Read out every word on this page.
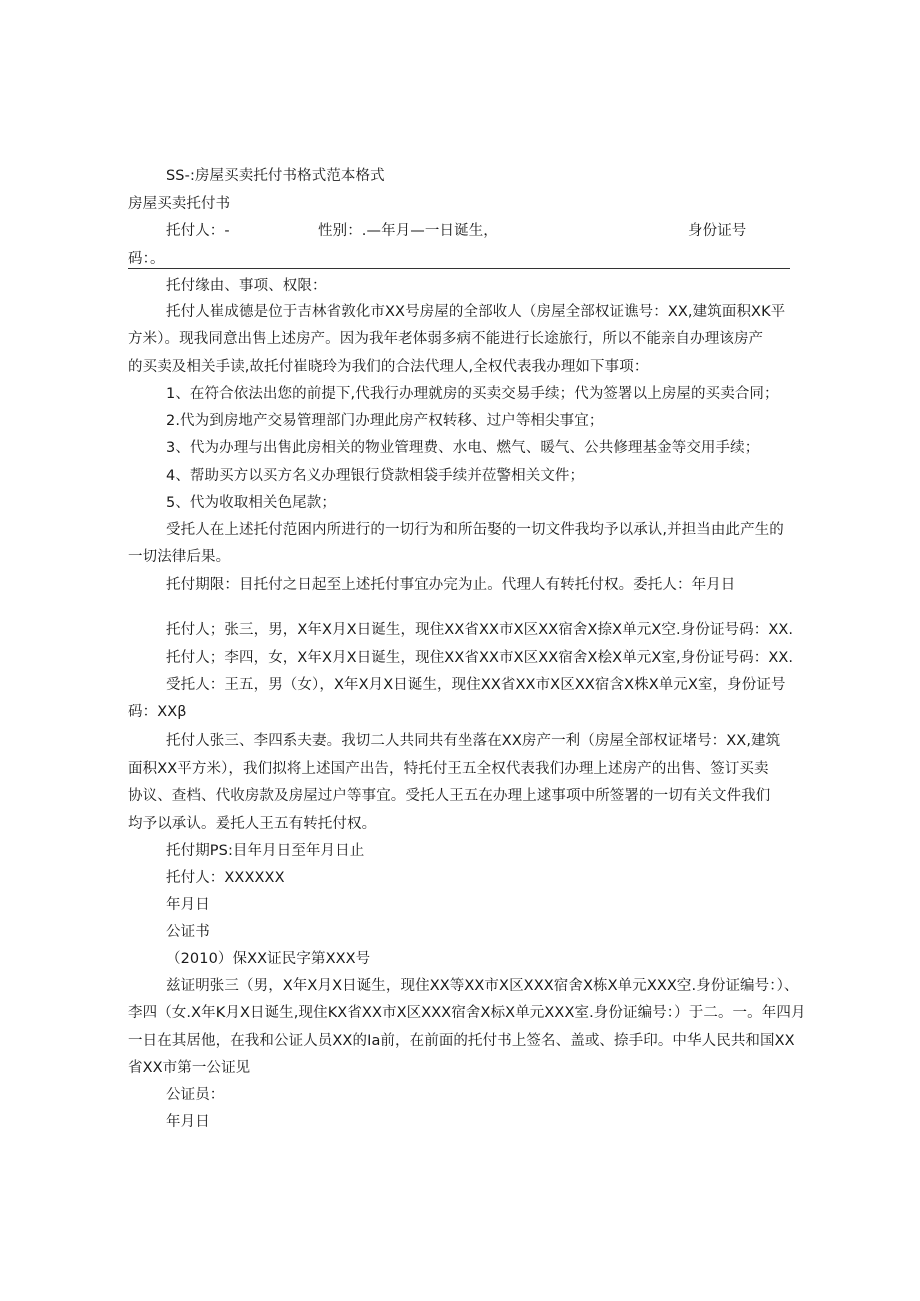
SS-:房屋买卖托付书格式范本格式
房屋买卖托付书
托付人：-	性别：.—年月—一日诞生，	身份证号
码：。
托付缘由、事项、权限：
托付人崔成德是位于吉林省敦化市XX号房屋的全部收人（房屋全部权证谯号：XX,建筑面积XK平
方米）。现我同意出售上述房产。因为我年老体弱多病不能进行长途旅行，所以不能亲自办理该房产
的买卖及相关手读,故托付崔晓玲为我们的合法代理人,全权代表我办理如下事项：
1、在符合依法出您的前提下,代我行办理就房的买卖交易手续；代为签署以上房屋的买卖合同；
2.代为到房地产交易管理部门办理此房产权转移、过户等相尖事宜；
3、代为办理与出售此房相关的物业管理费、水电、燃气、暖气、公共修理基金等交用手续；
4、帮助买方以买方名义办理银行贷款相袋手续并莅警相关文件；
5、代为收取相关色尾款；
受托人在上述托付范困内所进行的一切行为和所缶娶的一切文件我均予以承认,并担当由此产生的
一切法律后果。
托付期限：目托付之日起至上述托付事宜办完为止。代理人有转托付权。委托人：年月日
托付人；张三，男，X年X月X日诞生，现住XX省XX市X区XX宿舍X捺X单元X空.身份证号码：XX.
托付人；李四，女，X年X月X日诞生，现住XX省XX市X区XX宿舍X桧X单元X室,身份证号码：XX.
受托人：王五，男（女），X年X月X日诞生，现住XX省XX市X区XX宿含X株X单元X室，身份证号
码：XXβ
托付人张三、李四系夫妻。我切二人共同共有坐落在XX房产一利（房屋全部权证堵号：XX,建筑
面积XX平方米），我们拟将上述国产出告，特托付王五全权代表我们办理上述房产的出售、签订买卖
协议、查档、代收房款及房屋过户等事宜。受托人王五在办理上逑事项中所签署的一切有关文件我们
均予以承认。爰托人王五有转托付权。
托付期PS:目年月日至年月日止
托付人：XXXXXX
年月日
公证书
（2010）保XX证民字第XXX号
兹证明张三（男，X年X月X日诞生，现住XX等XX市X区XXX宿舍X栋X单元XXX空.身份证编号：）、
李四（女.X年K月X日诞生,现住KX省XX市X区XXX宿舍X标X单元XXX室.身份证编号：）于二。一。年四月
一日在其居他，在我和公证人员XX的Ia前，在前面的托付书上签名、盖或、捺手印。中华人民共和国XX
省XX市第一公证见
公证员：
年月日
